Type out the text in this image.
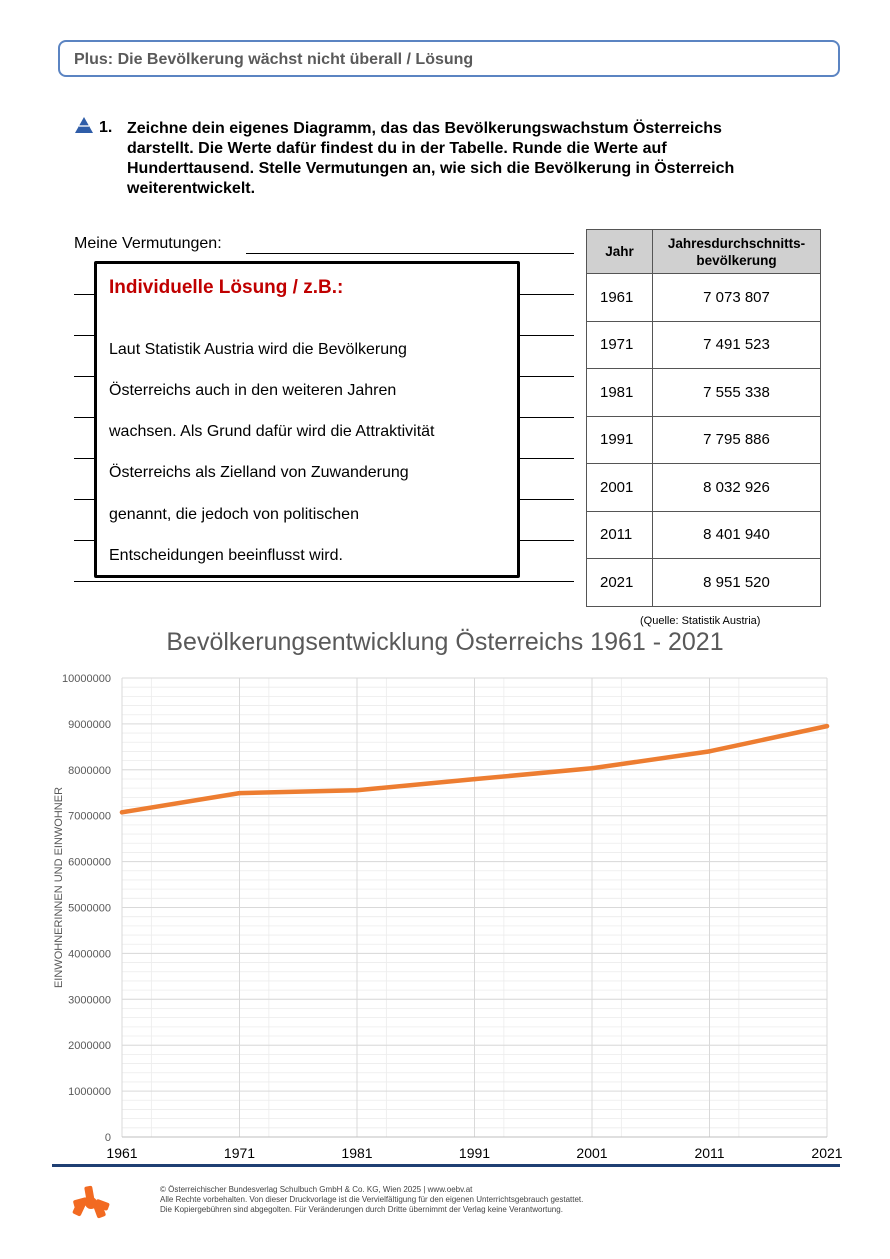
Plus: Die Bevölkerung wächst nicht überall / Lösung
1. Zeichne dein eigenes Diagramm, das das Bevölkerungswachstum Österreichs
darstellt. Die Werte dafür findest du in der Tabelle. Runde die Werte auf
Hunderttausend. Stelle Vermutungen an, wie sich die Bevölkerung in Österreich
weiterentwickelt.
Meine Vermutungen:
Individuelle Lösung / z.B.:
Laut Statistik Austria wird die Bevölkerung
Österreichs auch in den weiteren Jahren
wachsen. Als Grund dafür wird die Attraktivität
Österreichs als Zielland von Zuwanderung
genannt, die jedoch von politischen
Entscheidungen beeinflusst wird.
Jahr	Jahresdurchschnitts-
bevölkerung

1961	7 073 807
1971	7 491 523
1981	7 555 338
1991	7 795 886
2001	8 032 926
2011	8 401 940
2021	8 951 520
(Quelle: Statistik Austria)
Bevölkerungsentwicklung Österreichs 1961 - 2021
0
1000000
2000000
3000000
4000000
5000000
6000000
7000000
8000000
9000000
10000000
1961	1971	1981	1991	2001	2011	2021
EINWOHNERINNEN UND EINWOHNER
© Österreichischer Bundesverlag Schulbuch GmbH & Co. KG, Wien 2025 | www.oebv.at
Alle Rechte vorbehalten. Von dieser Druckvorlage ist die Vervielfältigung für den eigenen Unterrichtsgebrauch gestattet.
Die Kopiergebühren sind abgegolten. Für Veränderungen durch Dritte übernimmt der Verlag keine Verantwortung.
